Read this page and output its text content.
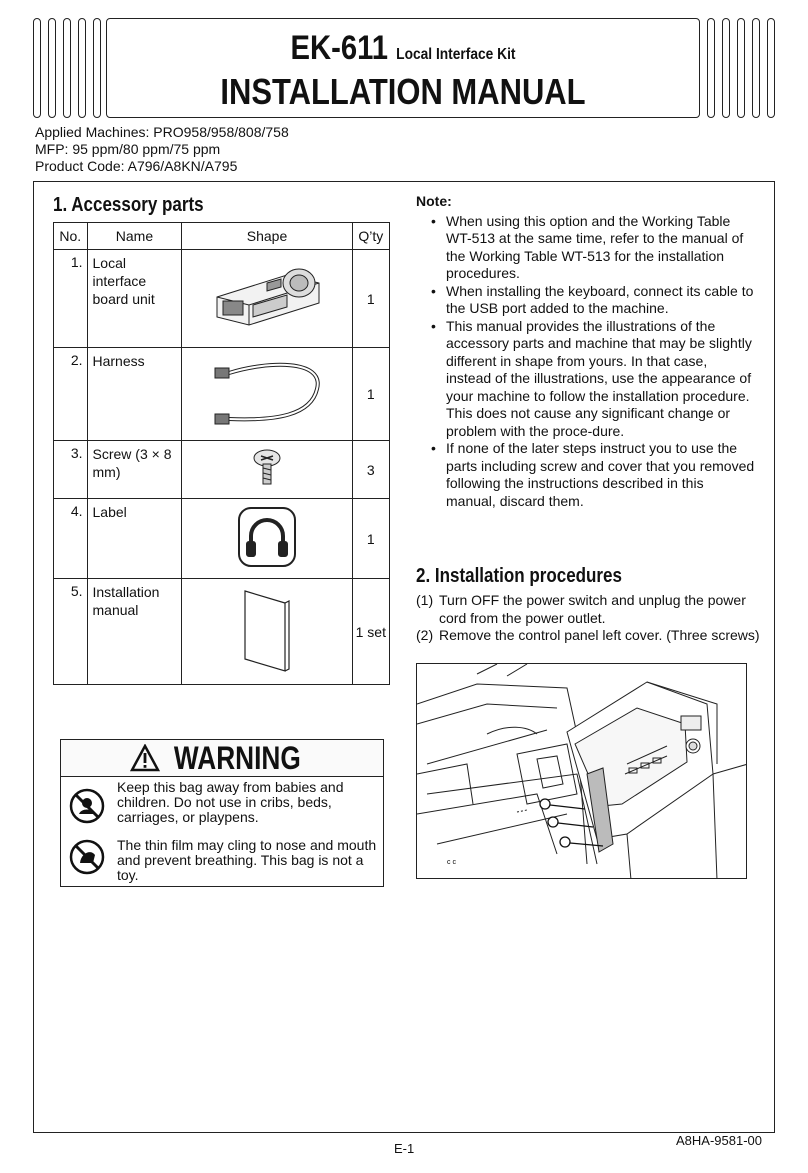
EK-611 Local Interface Kit
INSTALLATION MANUAL
Applied Machines: PRO958/958/808/758
MFP: 95 ppm/80 ppm/75 ppm
Product Code: A796/A8KN/A795
1. Accessory parts
No.	Name	Shape	Q’ty
1.	Local interface board unit		1
2.	Harness		1
3.	Screw (3 × 8 mm)		3
4.	Label		1
5.	Installation manual		1 set
WARNING
Keep this bag away from babies and children. Do not use in cribs, beds, carriages, or playpens.
The thin film may cling to nose and mouth and prevent breathing. This bag is not a toy.
Note:
• When using this option and the Working Table WT-513 at the same time, refer to the manual of the Working Table WT-513 for the installation procedures.
• When installing the keyboard, connect its cable to the USB port added to the machine.
• This manual provides the illustrations of the accessory parts and machine that may be slightly different in shape from yours. In that case, instead of the illustrations, use the appearance of your machine to follow the installation procedure. This does not cause any significant change or problem with the proce-dure.
• If none of the later steps instruct you to use the parts including screw and cover that you removed following the instructions described in this manual, discard them.
2. Installation procedures
(1) Turn OFF the power switch and unplug the power cord from the power outlet.
(2) Remove the control panel left cover. (Three screws)
c c
E-1
A8HA-9581-00
